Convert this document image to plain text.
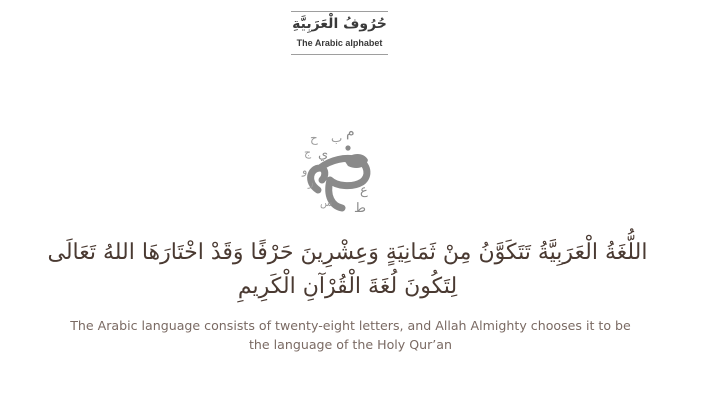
حُرُوفُ الْعَرَبِيَّةِ
The Arabic alphabet
م
ب
ح
ج ي
و
ر
ع
ط
س
اللُّغَةُ الْعَرَبِيَّةُ تَتَكَوَّنُ مِنْ ثَمَانِيَةٍ وَعِشْرِينَ حَرْفًا وَقَدْ اخْتَارَهَا اللهُ تَعَالَى
لِتَكُونَ لُغَةَ الْقُرْآنِ الْكَرِيمِ
The Arabic language consists of twenty-eight letters, and Allah Almighty chooses it to be
the language of the Holy Qur’an
